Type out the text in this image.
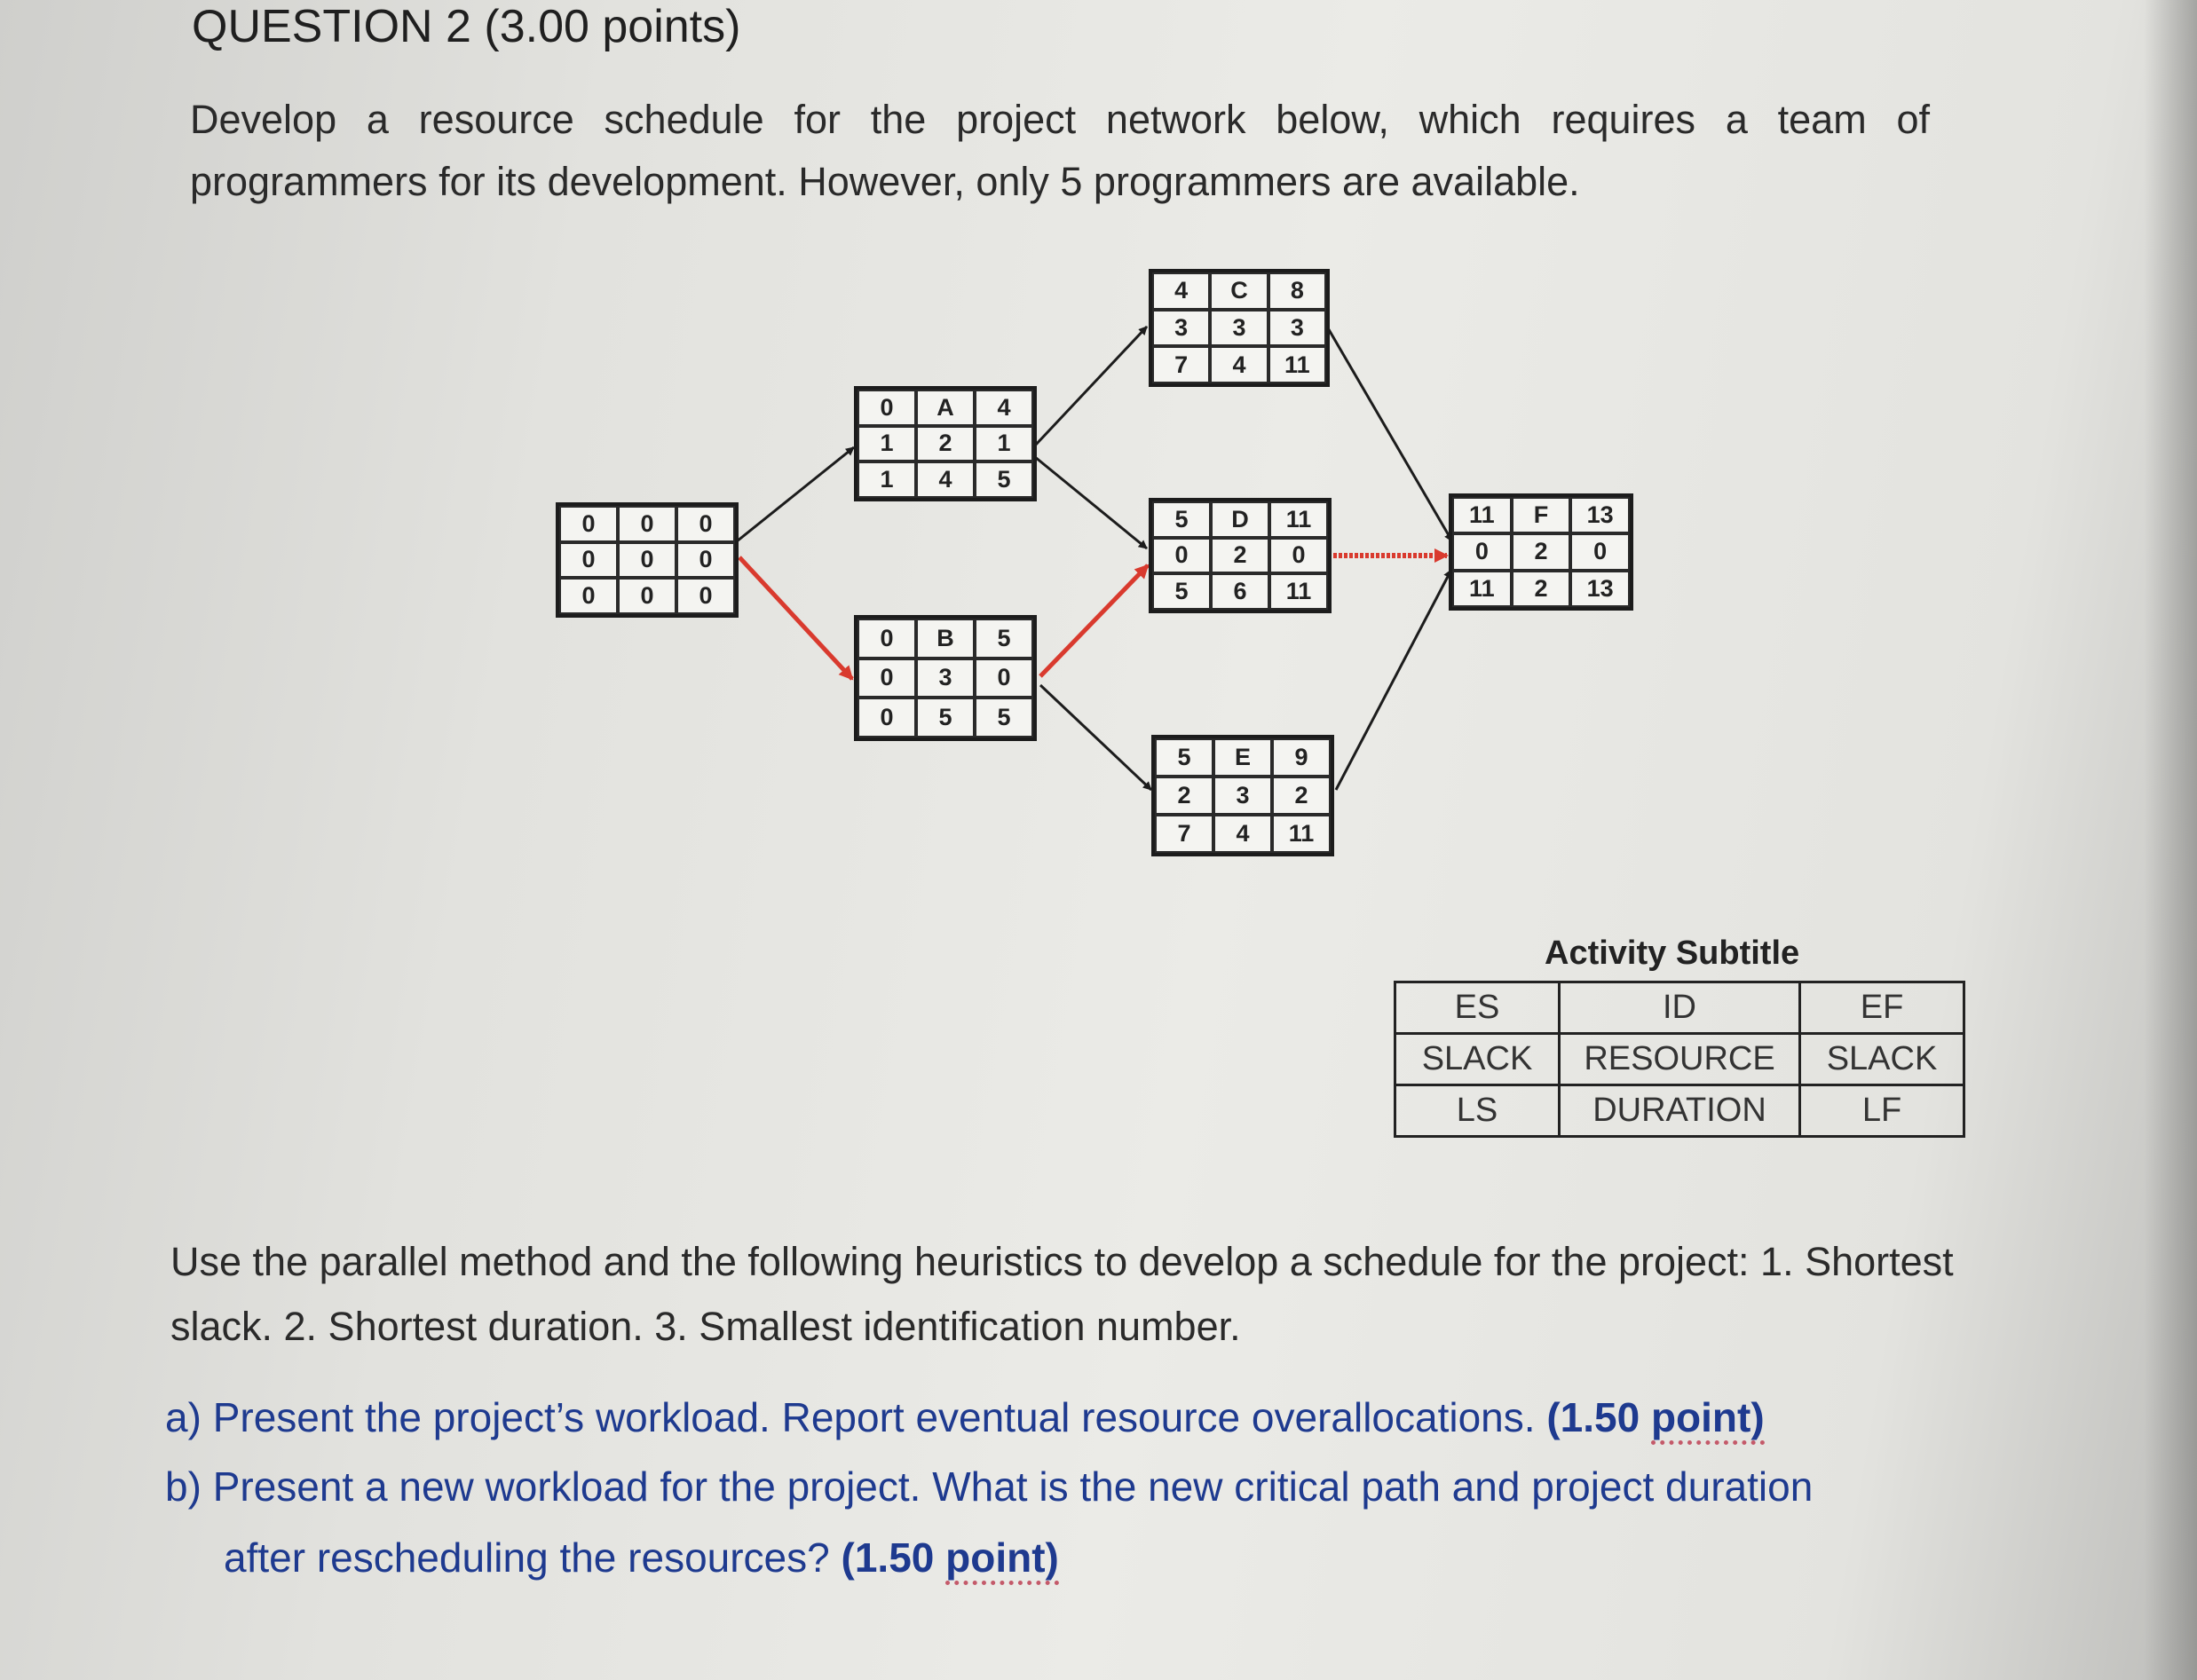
QUESTION 2 (3.00 points)
Develop a resource schedule for the project network below, which requires a team of programmers for its development. However, only 5 programmers are available.
0	0	0
0	0	0
0	0	0
0	A	4
1	2	1
1	4	5
0	B	5
0	3	0
0	5	5
4	C	8
3	3	3
7	4	11
5	D	11
0	2	0
5	6	11
5	E	9
2	3	2
7	4	11
11	F	13
0	2	0
11	2	13
Activity Subtitle
ES	ID	EF
SLACK	RESOURCE	SLACK
LS	DURATION	LF
Use the parallel method and the following heuristics to develop a schedule for the project: 1. Shortest slack. 2. Shortest duration. 3. Smallest identification number.
a) Present the project’s workload. Report eventual resource overallocations. (1.50 point)
b) Present a new workload for the project. What is the new critical path and project duration
after rescheduling the resources? (1.50 point)
